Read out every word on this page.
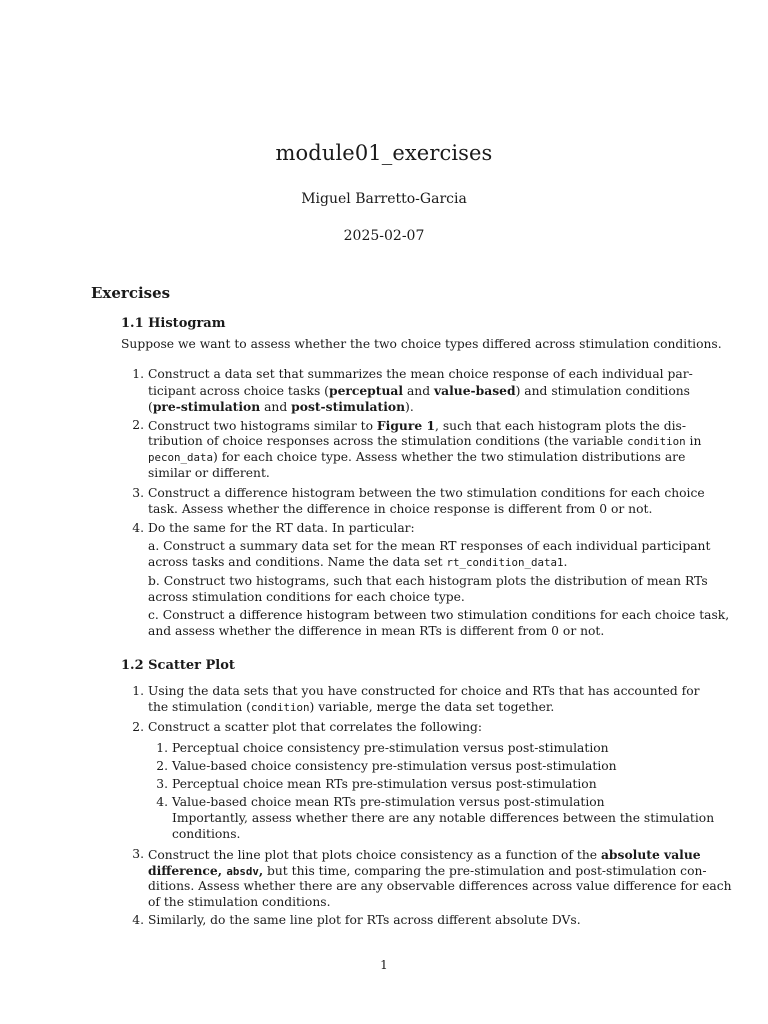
module01_exercises
Miguel Barretto-Garcia
2025-02-07
Exercises
1.1 Histogram
Suppose we want to assess whether the two choice types differed across stimulation conditions.
1. Construct a data set that summarizes the mean choice response of each individual par-
ticipant across choice tasks (perceptual and value-based) and stimulation conditions
(pre-stimulation and post-stimulation).
2. Construct two histograms similar to Figure 1, such that each histogram plots the dis-
tribution of choice responses across the stimulation conditions (the variable condition in
pecon_data) for each choice type. Assess whether the two stimulation distributions are
similar or different.
3. Construct a difference histogram between the two stimulation conditions for each choice
task. Assess whether the difference in choice response is different from 0 or not.
4. Do the same for the RT data. In particular:
a. Construct a summary data set for the mean RT responses of each individual participant
across tasks and conditions. Name the data set rt_condition_data1.
b. Construct two histograms, such that each histogram plots the distribution of mean RTs
across stimulation conditions for each choice type.
c. Construct a difference histogram between two stimulation conditions for each choice task,
and assess whether the difference in mean RTs is different from 0 or not.
1.2 Scatter Plot
1. Using the data sets that you have constructed for choice and RTs that has accounted for
the stimulation (condition) variable, merge the data set together.
2. Construct a scatter plot that correlates the following:
1. Perceptual choice consistency pre-stimulation versus post-stimulation
2. Value-based choice consistency pre-stimulation versus post-stimulation
3. Perceptual choice mean RTs pre-stimulation versus post-stimulation
4. Value-based choice mean RTs pre-stimulation versus post-stimulation
Importantly, assess whether there are any notable differences between the stimulation
conditions.
3. Construct the line plot that plots choice consistency as a function of the absolute value
difference, absdv, but this time, comparing the pre-stimulation and post-stimulation con-
ditions. Assess whether there are any observable differences across value difference for each
of the stimulation conditions.
4. Similarly, do the same line plot for RTs across different absolute DVs.
1
